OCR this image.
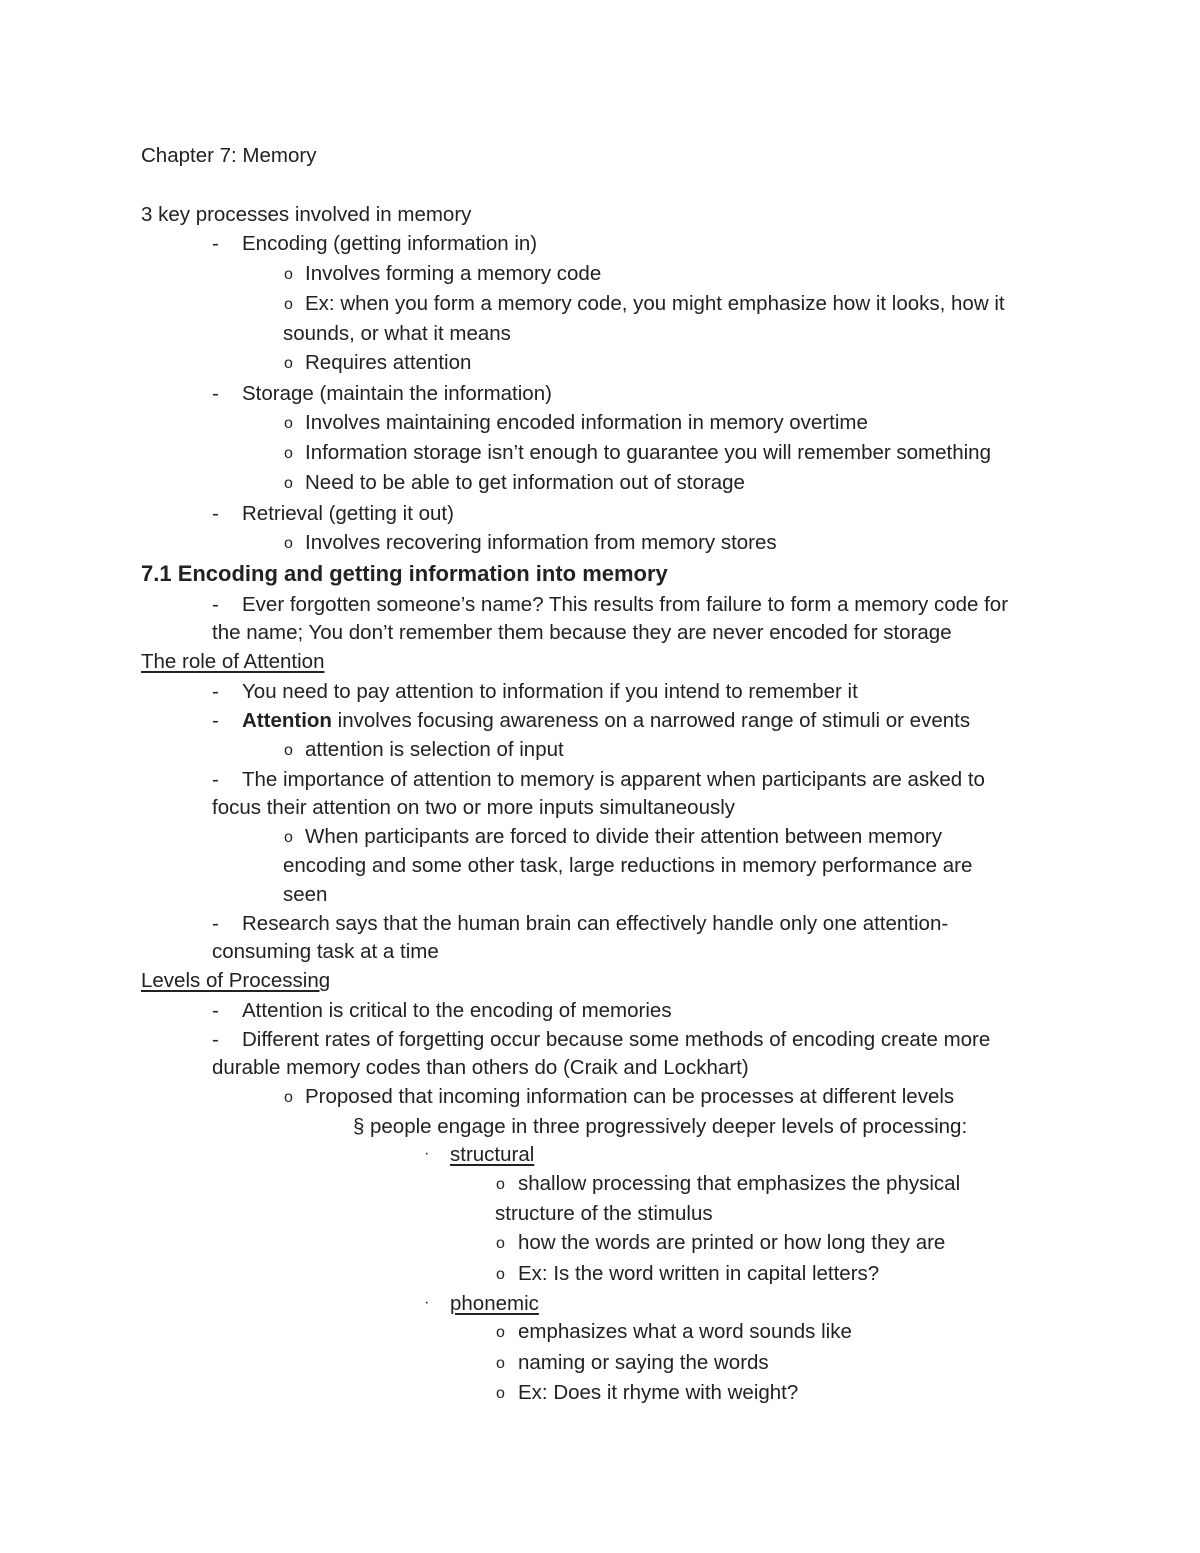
Chapter 7: Memory
3 key processes involved in memory
- Encoding (getting information in)
o Involves forming a memory code
o Ex: when you form a memory code, you might emphasize how it looks, how it
sounds, or what it means
o Requires attention
- Storage (maintain the information)
o Involves maintaining encoded information in memory overtime
o Information storage isn’t enough to guarantee you will remember something
o Need to be able to get information out of storage
- Retrieval (getting it out)
o Involves recovering information from memory stores
7.1 Encoding and getting information into memory
- Ever forgotten someone’s name? This results from failure to form a memory code for
the name; You don’t remember them because they are never encoded for storage
The role of Attention
- You need to pay attention to information if you intend to remember it
- Attention involves focusing awareness on a narrowed range of stimuli or events
o attention is selection of input
- The importance of attention to memory is apparent when participants are asked to
focus their attention on two or more inputs simultaneously
o When participants are forced to divide their attention between memory
encoding and some other task, large reductions in memory performance are
seen
- Research says that the human brain can effectively handle only one attention-
consuming task at a time
Levels of Processing
- Attention is critical to the encoding of memories
- Different rates of forgetting occur because some methods of encoding create more
durable memory codes than others do (Craik and Lockhart)
o Proposed that incoming information can be processes at different levels
§ people engage in three progressively deeper levels of processing:
· structural
o shallow processing that emphasizes the physical
structure of the stimulus
o how the words are printed or how long they are
o Ex: Is the word written in capital letters?
· phonemic
o emphasizes what a word sounds like
o naming or saying the words
o Ex: Does it rhyme with weight?
